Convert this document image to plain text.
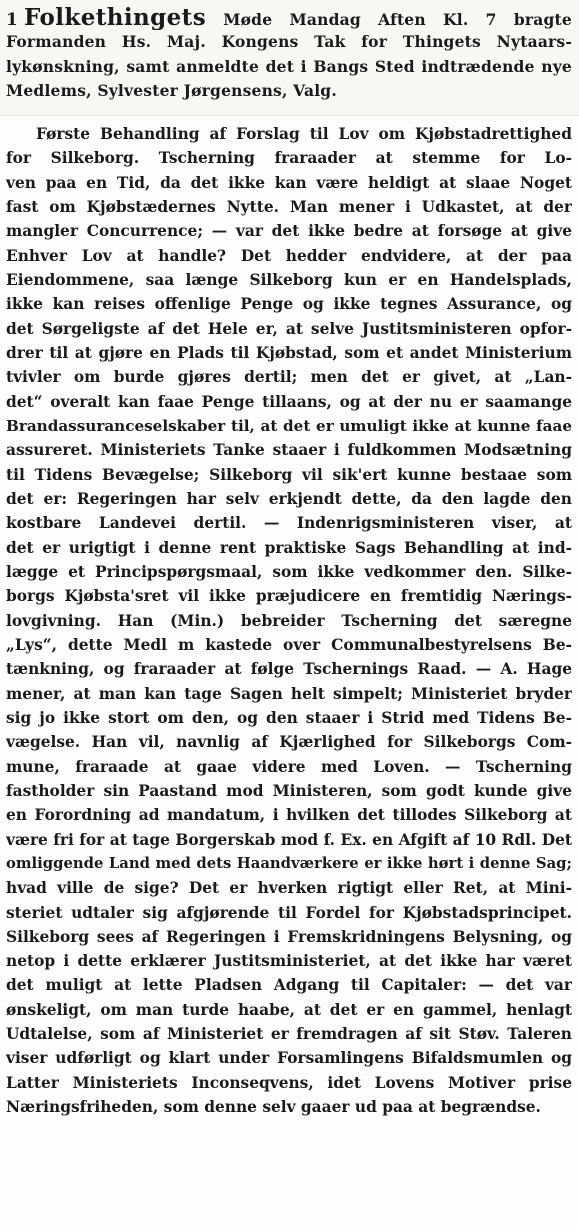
1 Folkethingets Møde Mandag Aften Kl. 7 bragte
Formanden Hs. Maj. Kongens Tak for Thingets Nytaars-
lykønskning, samt anmeldte det i Bangs Sted indtrædende nye
Medlems, Sylvester Jørgensens, Valg.
Første Behandling af Forslag til Lov om Kjøbstadrettighed
for Silkeborg. Tscherning fraraader at stemme for Lo-
ven paa en Tid, da det ikke kan være heldigt at slaae Noget
fast om Kjøbstædernes Nytte. Man mener i Udkastet, at der
mangler Concurrence; — var det ikke bedre at forsøge at give
Enhver Lov at handle? Det hedder endvidere, at der paa
Eiendommene, saa længe Silkeborg kun er en Handelsplads,
ikke kan reises offenlige Penge og ikke tegnes Assurance, og
det Sørgeligste af det Hele er, at selve Justitsministeren opfor-
drer til at gjøre en Plads til Kjøbstad, som et andet Ministerium
tvivler om burde gjøres dertil; men det er givet, at „Lan-
det“ overalt kan faae Penge tillaans, og at der nu er saamange
Brandassuranceselskaber til, at det er umuligt ikke at kunne faae
assureret. Ministeriets Tanke staaer i fuldkommen Modsætning
til Tidens Bevægelse; Silkeborg vil sik'ert kunne bestaae som
det er: Regeringen har selv erkjendt dette, da den lagde den
kostbare Landevei dertil. — Indenrigsministeren viser, at
det er urigtigt i denne rent praktiske Sags Behandling at ind-
lægge et Principspørgsmaal, som ikke vedkommer den. Silke-
borgs Kjøbsta'sret vil ikke præjudicere en fremtidig Nærings-
lovgivning. Han (Min.) bebreider Tscherning det særegne
„Lys“, dette Medl m kastede over Communalbestyrelsens Be-
tænkning, og fraraader at følge Tschernings Raad. — A. Hage
mener, at man kan tage Sagen helt simpelt; Ministeriet bryder
sig jo ikke stort om den, og den staaer i Strid med Tidens Be-
vægelse. Han vil, navnlig af Kjærlighed for Silkeborgs Com-
mune, fraraade at gaae videre med Loven. — Tscherning
fastholder sin Paastand mod Ministeren, som godt kunde give
en Forordning ad mandatum, i hvilken det tillodes Silkeborg at
være fri for at tage Borgerskab mod f. Ex. en Afgift af 10 Rdl. Det
omliggende Land med dets Haandværkere er ikke hørt i denne Sag;
hvad ville de sige? Det er hverken rigtigt eller Ret, at Mini-
steriet udtaler sig afgjørende til Fordel for Kjøbstadsprincipet.
Silkeborg sees af Regeringen i Fremskridningens Belysning, og
netop i dette erklærer Justitsministeriet, at det ikke har været
det muligt at lette Pladsen Adgang til Capitaler: — det var
ønskeligt, om man turde haabe, at det er en gammel, henlagt
Udtalelse, som af Ministeriet er fremdragen af sit Støv. Taleren
viser udførligt og klart under Forsamlingens Bifaldsmumlen og
Latter Ministeriets Inconseqvens, idet Lovens Motiver prise
Næringsfriheden, som denne selv gaaer ud paa at begrændse.
